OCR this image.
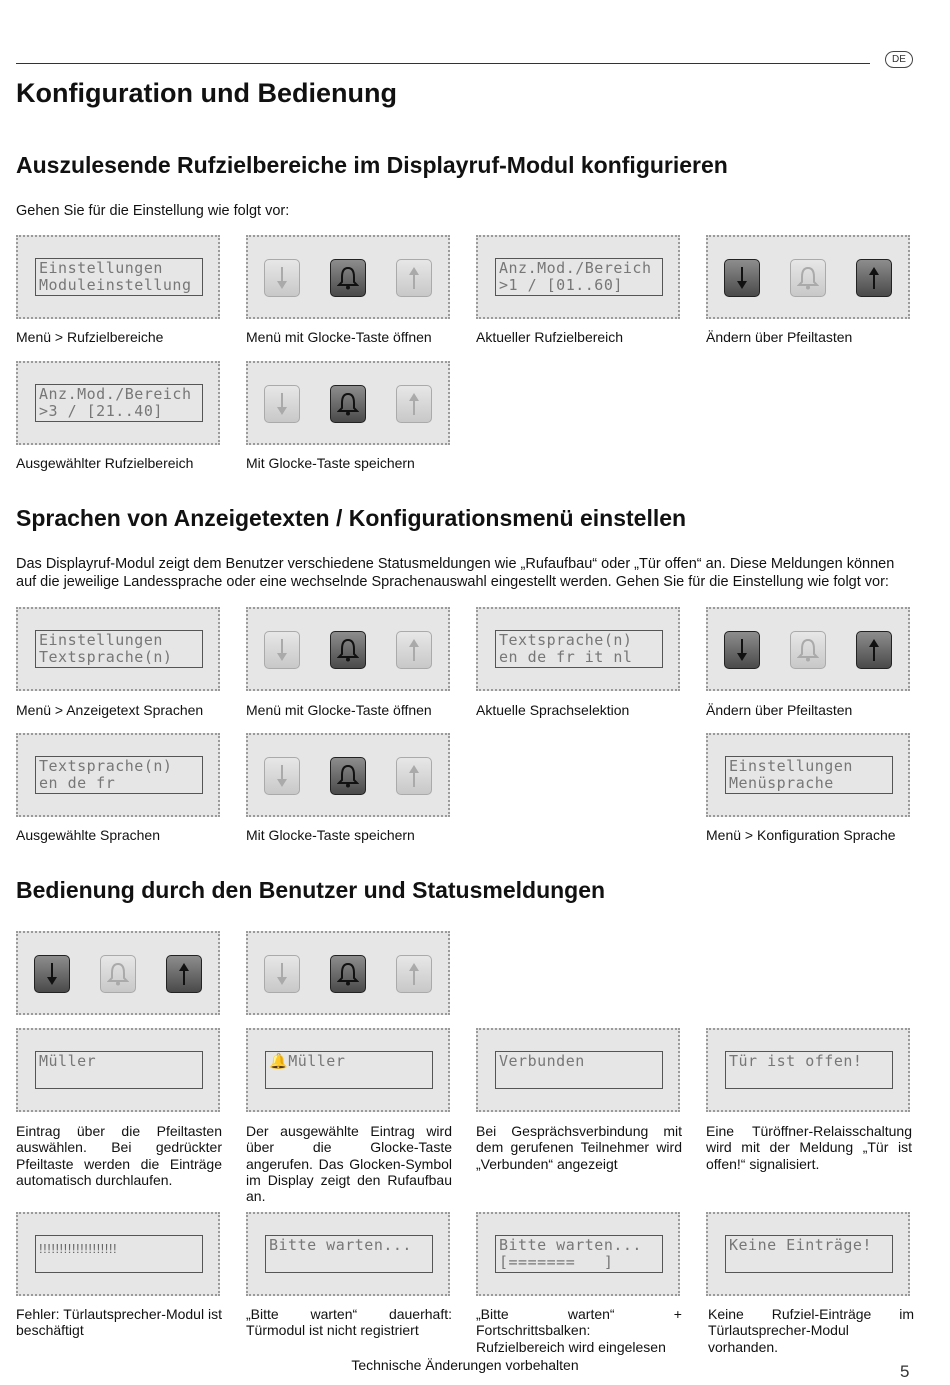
DE
Konfiguration und Bedienung
Auszulesende Rufzielbereiche im Displayruf-Modul konfigurieren
Gehen Sie für die Einstellung wie folgt vor:
Einstellungen
Moduleinstellung
Anz.Mod./Bereich
>1 / [01..60]
Menü > Rufzielbereiche	Menü mit Glocke-Taste öffnen	Aktueller Rufzielbereich	Ändern über Pfeiltasten
Anz.Mod./Bereich
>3 / [21..40]
Ausgewählter Rufzielbereich	Mit Glocke-Taste speichern
Sprachen von Anzeigetexten / Konfigurationsmenü einstellen
Das Displayruf-Modul zeigt dem Benutzer verschiedene Statusmeldungen wie „Rufaufbau“ oder „Tür offen“ an. Diese Meldungen können
auf die jeweilige Landessprache oder eine wechselnde Sprachenauswahl eingestellt werden. Gehen Sie für die Einstellung wie folgt vor:
Einstellungen
Textsprache(n)
Textsprache(n)
en de fr it nl
Menü > Anzeigetext Sprachen	Menü mit Glocke-Taste öffnen	Aktuelle Sprachselektion	Ändern über Pfeiltasten
Textsprache(n)
en de fr
Einstellungen
Menüsprache
Ausgewählte Sprachen	Mit Glocke-Taste speichern	Menü > Konfiguration Sprache
Bedienung durch den Benutzer und Statusmeldungen
Müller	🔔Müller	Verbunden	Tür ist offen!
Eintrag über die Pfeiltasten auswählen. Bei gedrückter Pfeiltaste werden die Einträge automatisch durchlaufen.
Der ausgewählte Eintrag wird über die Glocke-Taste angerufen. Das Glocken-Symbol im Display zeigt den Rufaufbau an.
Bei Gesprächsverbindung mit dem gerufenen Teilnehmer wird „Verbunden“ angezeigt
Eine Türöffner-Relaisschaltung wird mit der Meldung „Tür ist offen!“ signalisiert.
!!!!!!!!!!!!!!!!!!!	Bitte warten...	Bitte warten...
[=======   ]
Keine Einträge!
Fehler: Türlautsprecher-Modul ist beschäftigt
„Bitte warten“ dauerhaft: Türmodul ist nicht registriert
„Bitte warten“ + Fortschrittsbalken: Rufzielbereich wird eingelesen
Keine Rufziel-Einträge im Türlautsprecher-Modul vorhanden.
Technische Änderungen vorbehalten	5
